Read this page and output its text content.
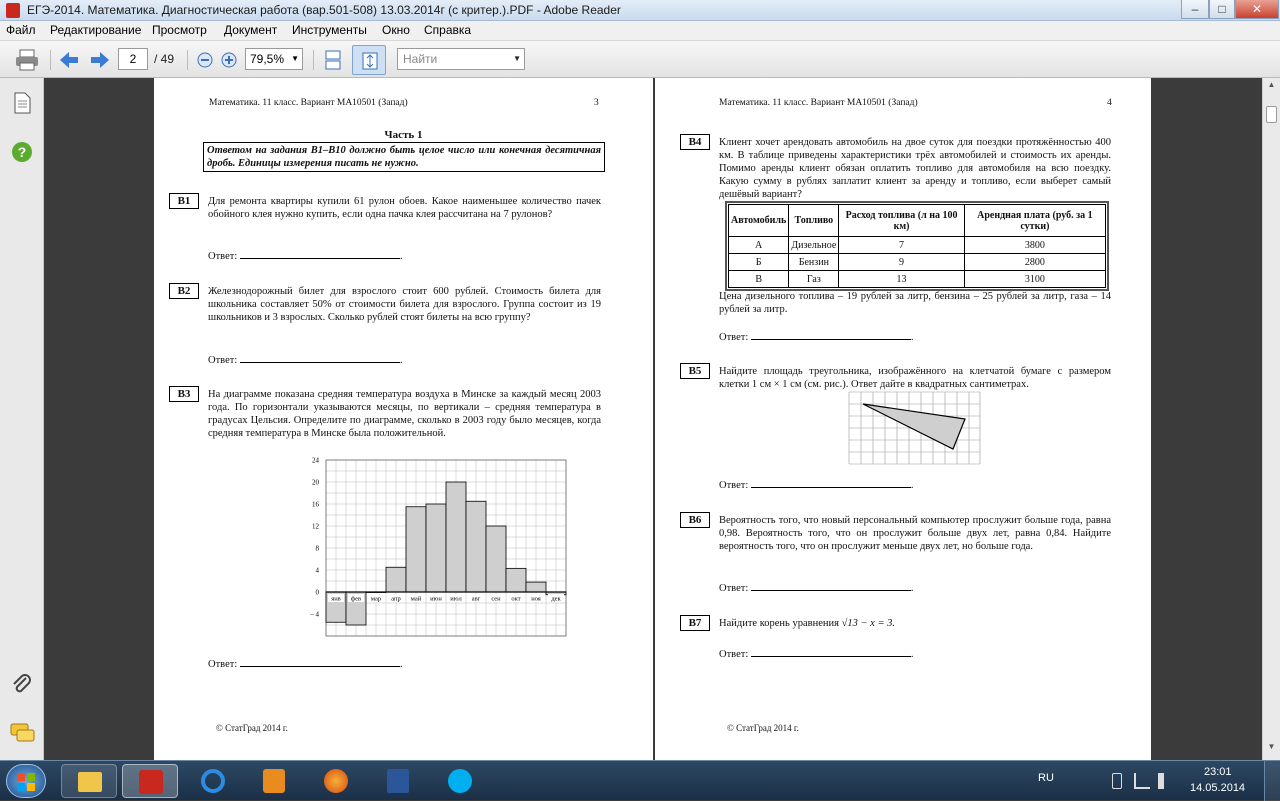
ЕГЭ-2014. Математика. Диагностическая работа (вар.501-508) 13.03.2014г (с критер.).PDF - Adobe Reader	–	□	✕
Файл Редактирование Просмотр Документ Инструменты Окно Справка
2	/ 49	79,5% ▼	Найти	▼
?
Математика. 11 класс. Вариант МА10501 (Запад)	3
Часть 1
Ответом на задания В1–В10 должно быть целое число или конечная десятичная дробь. Единицы измерения писать не нужно.
B1	Для ремонта квартиры купили 61 рулон обоев. Какое наименьшее количество пачек обойного клея нужно купить, если одна пачка клея рассчитана на 7 рулонов?
Ответ:	.
B2	Железнодорожный билет для взрослого стоит 600 рублей. Стоимость билета для школьника составляет 50% от стоимости билета для взрослого. Группа состоит из 19 школьников и 3 взрослых. Сколько рублей стоят билеты на всю группу?
Ответ:	.
B3	На диаграмме показана средняя температура воздуха в Минске за каждый месяц 2003 года. По горизонтали указываются месяцы, по вертикали – средняя температура в градусах Цельсия. Определите по диаграмме, сколько в 2003 году было месяцев, когда средняя температура в Минске была положительной.
– 4
0
4
8
12
16
20
24
янв фев мар апр май июн июл авг сен окт ноя дек
Ответ:	.
© СтатГрад 2014 г.
Математика. 11 класс. Вариант МА10501 (Запад)	4
B4	Клиент хочет арендовать автомобиль на двое суток для поездки протяжённостью 400 км. В таблице приведены характеристики трёх автомобилей и стоимость их аренды. Помимо аренды клиент обязан оплатить топливо для автомобиля на всю поездку. Какую сумму в рублях заплатит клиент за аренду и топливо, если выберет самый дешёвый вариант?
Автомобиль	Топливо	Расход топлива (л на 100 км)	Арендная плата (руб. за 1 сутки)
А	Дизельное	7	3800
Б	Бензин	9	2800
В	Газ	13	3100
Цена дизельного топлива – 19 рублей за литр, бензина – 25 рублей за литр, газа – 14 рублей за литр.
Ответ:	.
B5	Найдите площадь треугольника, изображённого на клетчатой бумаге с размером клетки 1 см × 1 см (см. рис.). Ответ дайте в квадратных сантиметрах.
Ответ:	.
B6	Вероятность того, что новый персональный компьютер прослужит больше года, равна 0,98. Вероятность того, что он прослужит больше двух лет, равна 0,84. Найдите вероятность того, что он прослужит меньше двух лет, но больше года.
Ответ:	.
B7	Найдите корень уравнения √13 − x = 3.
Ответ:	.
© СтатГрад 2014 г.
▲
▼
RU	23:01
14.05.2014
